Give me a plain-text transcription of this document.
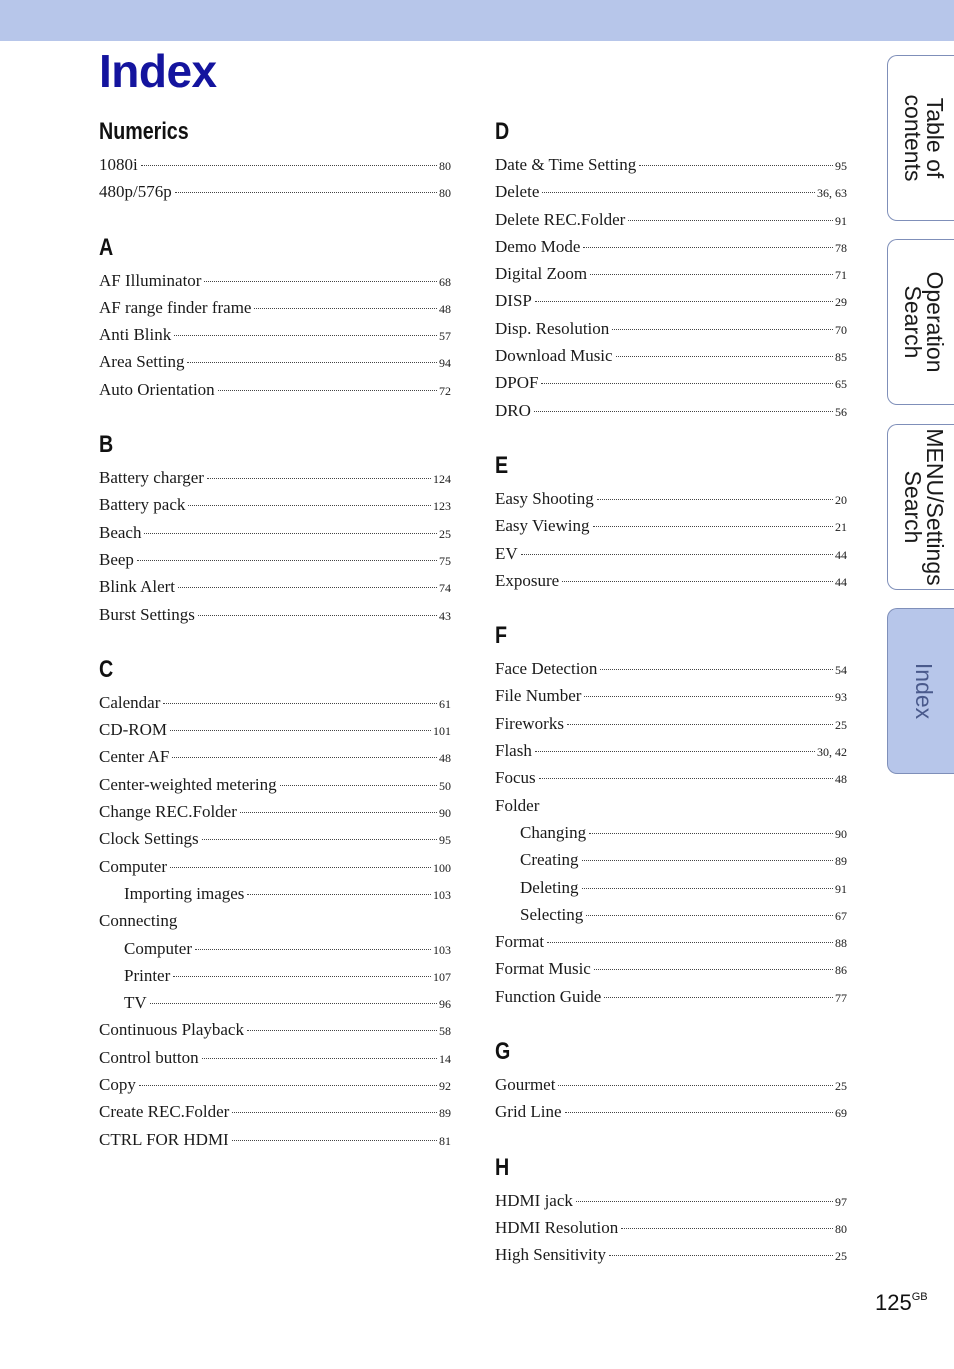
Index
Numerics
1080i	80
480p/576p	80
A
AF Illuminator	68
AF range finder frame	48
Anti Blink	57
Area Setting	94
Auto Orientation	72
B
Battery charger	124
Battery pack	123
Beach	25
Beep	75
Blink Alert	74
Burst Settings	43
C
Calendar	61
CD-ROM	101
Center AF	48
Center-weighted metering	50
Change REC.Folder	90
Clock Settings	95
Computer	100
Importing images	103
Connecting
Computer	103
Printer	107
TV	96
Continuous Playback	58
Control button	14
Copy	92
Create REC.Folder	89
CTRL FOR HDMI	81
D
Date & Time Setting	95
Delete	36, 63
Delete REC.Folder	91
Demo Mode	78
Digital Zoom	71
DISP	29
Disp. Resolution	70
Download Music	85
DPOF	65
DRO	56
E
Easy Shooting	20
Easy Viewing	21
EV	44
Exposure	44
F
Face Detection	54
File Number	93
Fireworks	25
Flash	30, 42
Focus	48
Folder
Changing	90
Creating	89
Deleting	91
Selecting	67
Format	88
Format Music	86
Function Guide	77
G
Gourmet	25
Grid Line	69
H
HDMI jack	97
HDMI Resolution	80
High Sensitivity	25
Table of
contents
Operation
Search
MENU/Settings
Search
Index
$125^{GB}$
